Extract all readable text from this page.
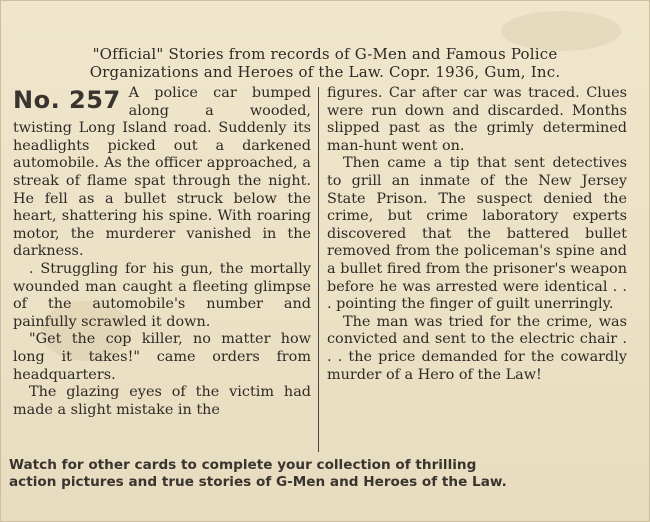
"Official" Stories from records of G-Men and Famous Police
Organizations and Heroes of the Law. Copr. 1936, Gum, Inc.

No. 257 A police car bumped along a wooded, twisting Long Island road. Suddenly its headlights picked out a darkened automobile. As the officer approached, a streak of flame spat through the night. He fell as a bullet struck below the heart, shattering his spine. With roaring motor, the murderer vanished in the darkness.

. Struggling for his gun, the mortally wounded man caught a fleeting glimpse of the automobile's number and painfully scrawled it down.

"Get the cop killer, no matter how long it takes!" came orders from headquarters.

The glazing eyes of the victim had made a slight mistake in the

figures. Car after car was traced. Clues were run down and discarded. Months slipped past as the grimly determined man-hunt went on.

Then came a tip that sent detectives to grill an inmate of the New Jersey State Prison. The suspect denied the crime, but crime laboratory experts discovered that the battered bullet removed from the policeman's spine and a bullet fired from the prisoner's weapon before he was arrested were identical . . . pointing the finger of guilt unerringly.

The man was tried for the crime, was convicted and sent to the electric chair . . . the price demanded for the cowardly murder of a Hero of the Law!

Watch for other cards to complete your collection of thrilling
action pictures and true stories of G-Men and Heroes of the Law.
